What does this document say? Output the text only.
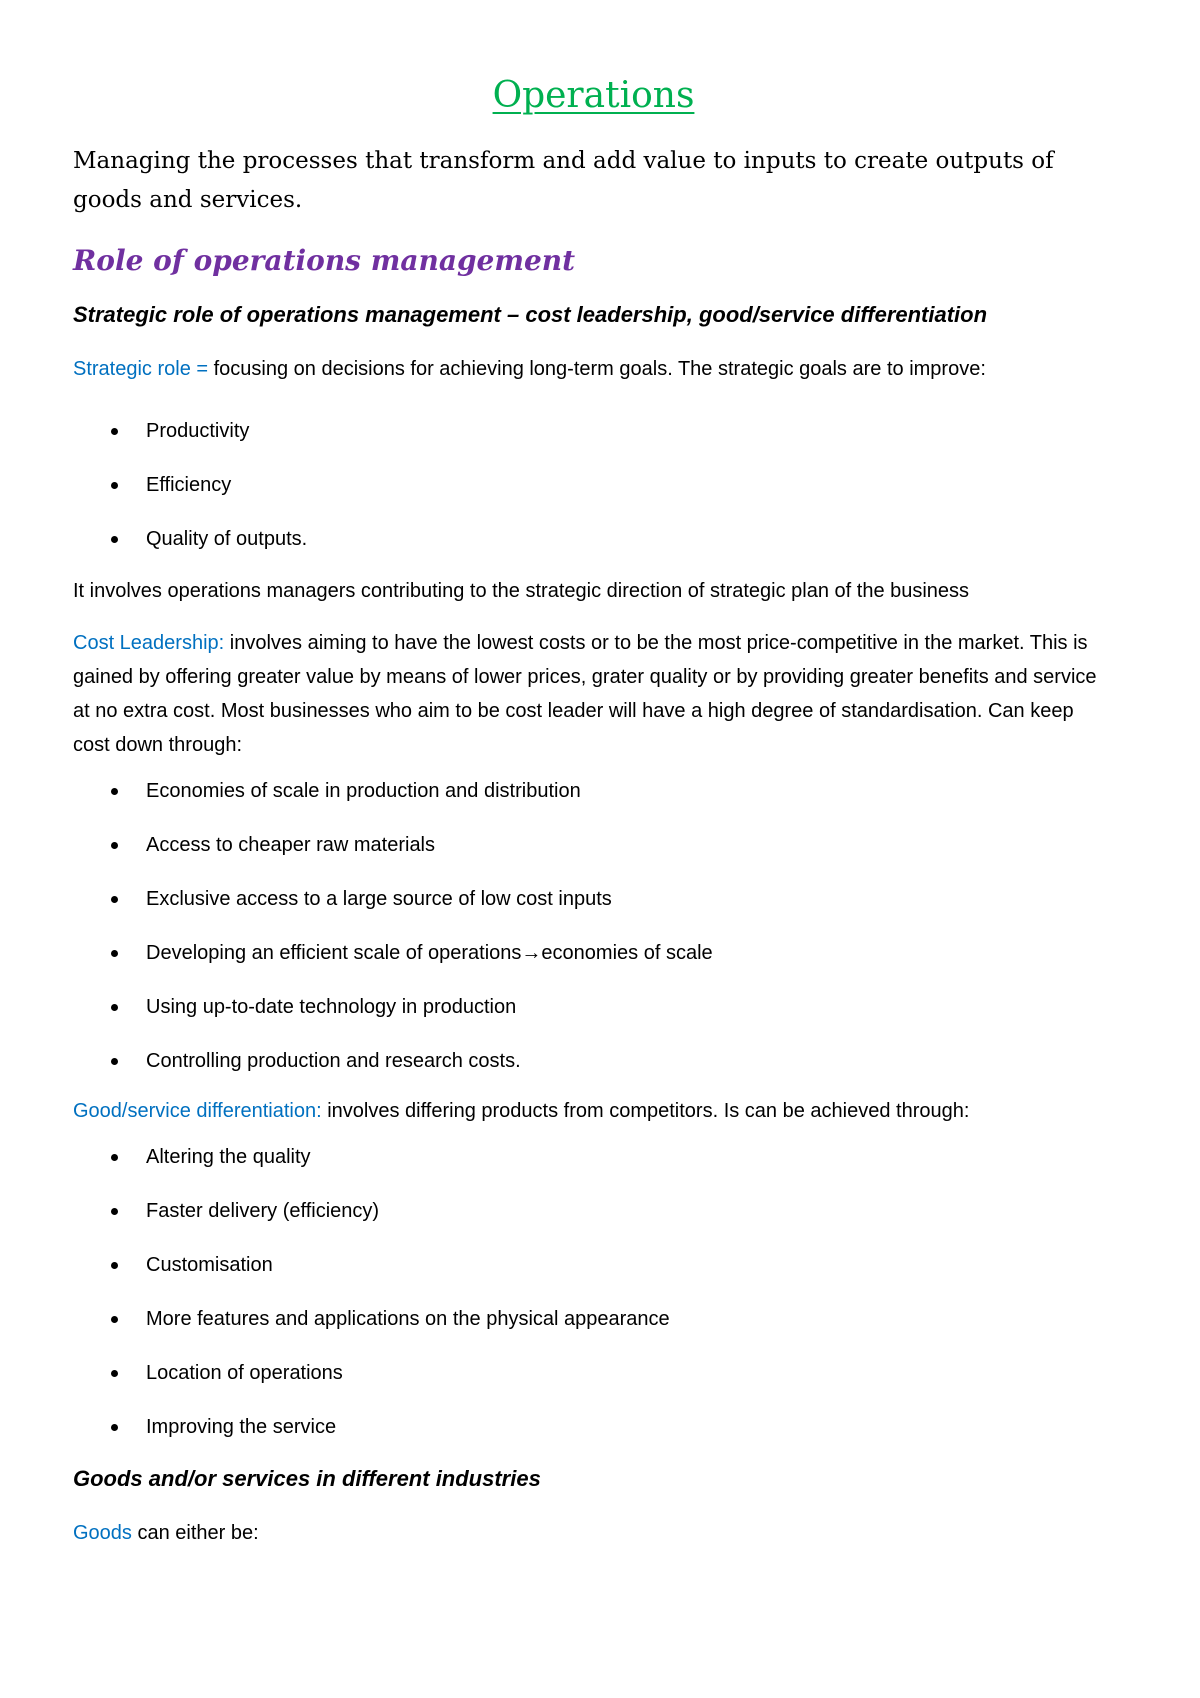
Operations

Managing the processes that transform and add value to inputs to create outputs of goods and services.

Role of operations management
Strategic role of operations management – cost leadership, good/service differentiation

Strategic role = focusing on decisions for achieving long-term goals. The strategic goals are to improve:

Productivity
Efficiency
Quality of outputs.

It involves operations managers contributing to the strategic direction of strategic plan of the business

Cost Leadership: involves aiming to have the lowest costs or to be the most price-competitive in the market. This is gained by offering greater value by means of lower prices, grater quality or by providing greater benefits and service at no extra cost. Most businesses who aim to be cost leader will have a high degree of standardisation. Can keep cost down through:

Economies of scale in production and distribution
Access to cheaper raw materials
Exclusive access to a large source of low cost inputs
Developing an efficient scale of operations→economies of scale
Using up-to-date technology in production
Controlling production and research costs.

Good/service differentiation: involves differing products from competitors. Is can be achieved through:

Altering the quality
Faster delivery (efficiency)
Customisation
More features and applications on the physical appearance
Location of operations
Improving the service
Goods and/or services in different industries

Goods can either be:
